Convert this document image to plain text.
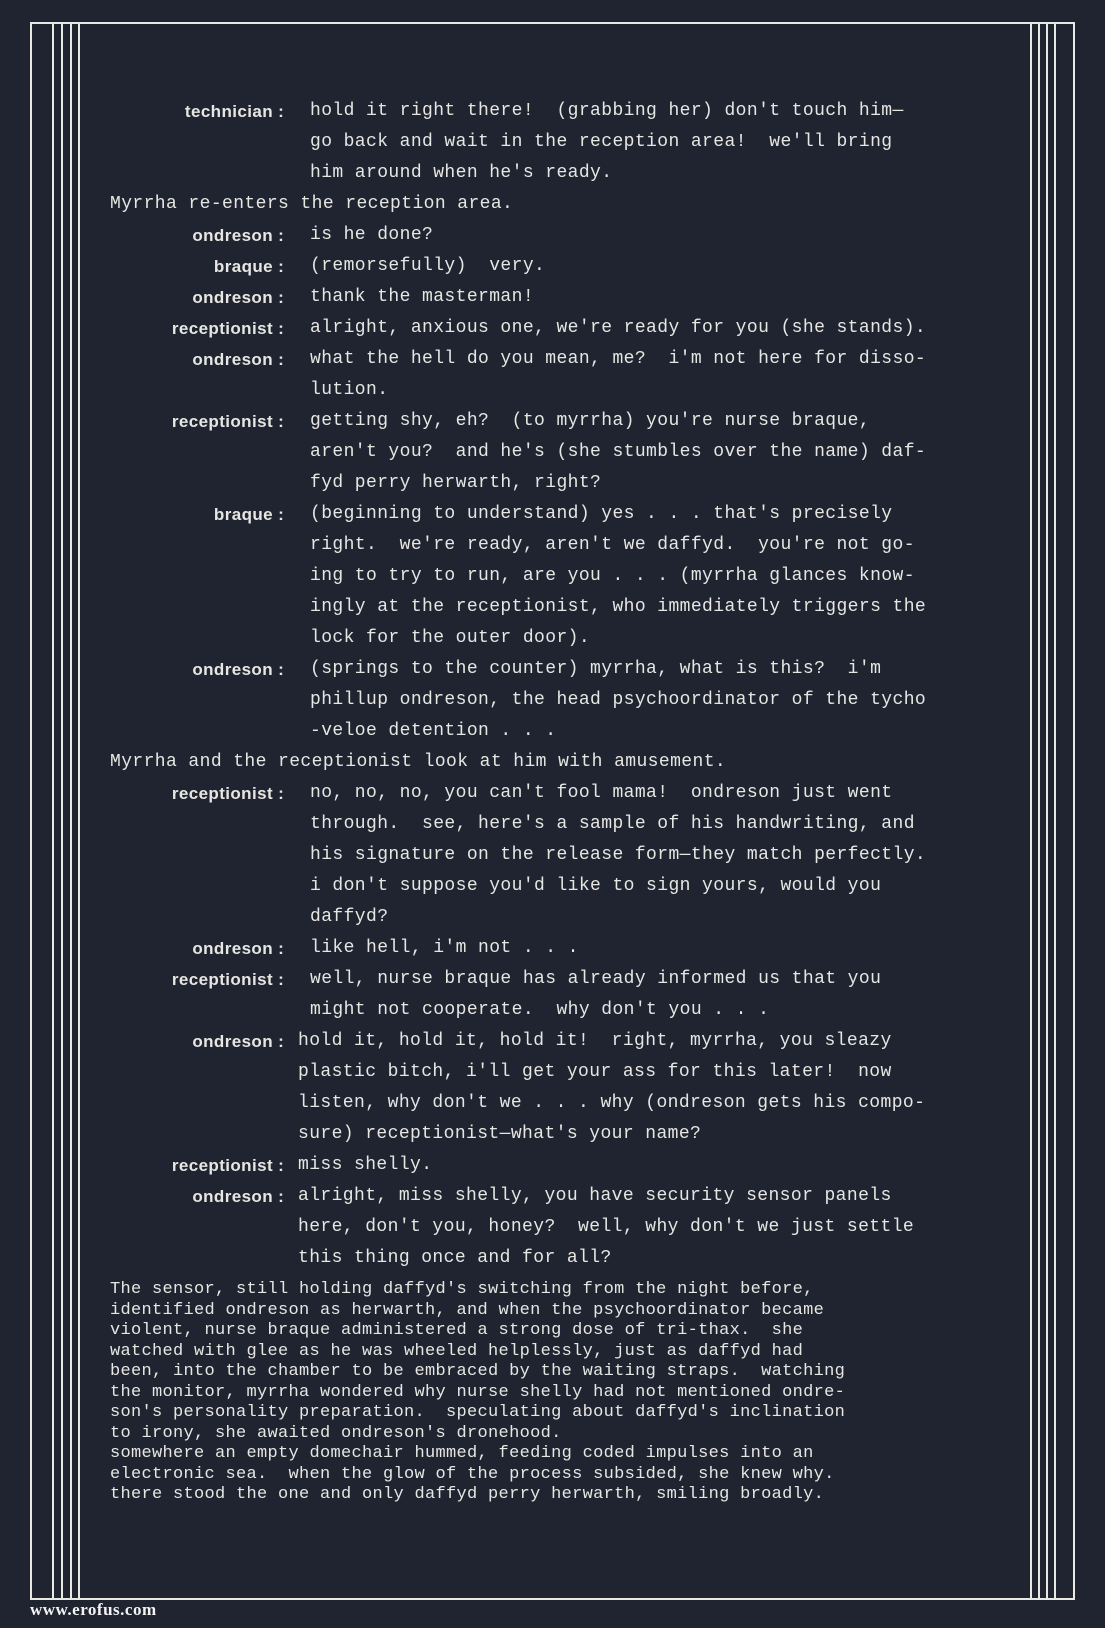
technician :	hold it right there!  (grabbing her) don't touch him—
go back and wait in the reception area!  we'll bring
him around when he's ready.
Myrrha re-enters the reception area.
ondreson :	is he done?
braque :	(remorsefully)  very.
ondreson :	thank the masterman!
receptionist :	alright, anxious one, we're ready for you (she stands).
ondreson :	what the hell do you mean, me?  i'm not here for disso-
lution.
receptionist :	getting shy, eh?  (to myrrha) you're nurse braque,
aren't you?  and he's (she stumbles over the name) daf-
fyd perry herwarth, right?
braque :	(beginning to understand) yes . . . that's precisely
right.  we're ready, aren't we daffyd.  you're not go-
ing to try to run, are you . . . (myrrha glances know-
ingly at the receptionist, who immediately triggers the
lock for the outer door).
ondreson :	(springs to the counter) myrrha, what is this?  i'm
phillup ondreson, the head psychoordinator of the tycho
-veloe detention . . .
Myrrha and the receptionist look at him with amusement.
receptionist :	no, no, no, you can't fool mama!  ondreson just went
through.  see, here's a sample of his handwriting, and
his signature on the release form—they match perfectly.
i don't suppose you'd like to sign yours, would you
daffyd?
ondreson :	like hell, i'm not . . .
receptionist :	well, nurse braque has already informed us that you
might not cooperate.  why don't you . . .
ondreson : hold it, hold it, hold it!  right, myrrha, you sleazy
plastic bitch, i'll get your ass for this later!  now
listen, why don't we . . . why (ondreson gets his compo-
sure) receptionist—what's your name?
receptionist : miss shelly.
ondreson : alright, miss shelly, you have security sensor panels
here, don't you, honey?  well, why don't we just settle
this thing once and for all?
The sensor, still holding daffyd's switching from the night before,
identified ondreson as herwarth, and when the psychoordinator became
violent, nurse braque administered a strong dose of tri-thax.  she
watched with glee as he was wheeled helplessly, just as daffyd had
been, into the chamber to be embraced by the waiting straps.  watching
the monitor, myrrha wondered why nurse shelly had not mentioned ondre-
son's personality preparation.  speculating about daffyd's inclination
to irony, she awaited ondreson's dronehood.
somewhere an empty domechair hummed, feeding coded impulses into an
electronic sea.  when the glow of the process subsided, she knew why.
there stood the one and only daffyd perry herwarth, smiling broadly.
www.erofus.com
